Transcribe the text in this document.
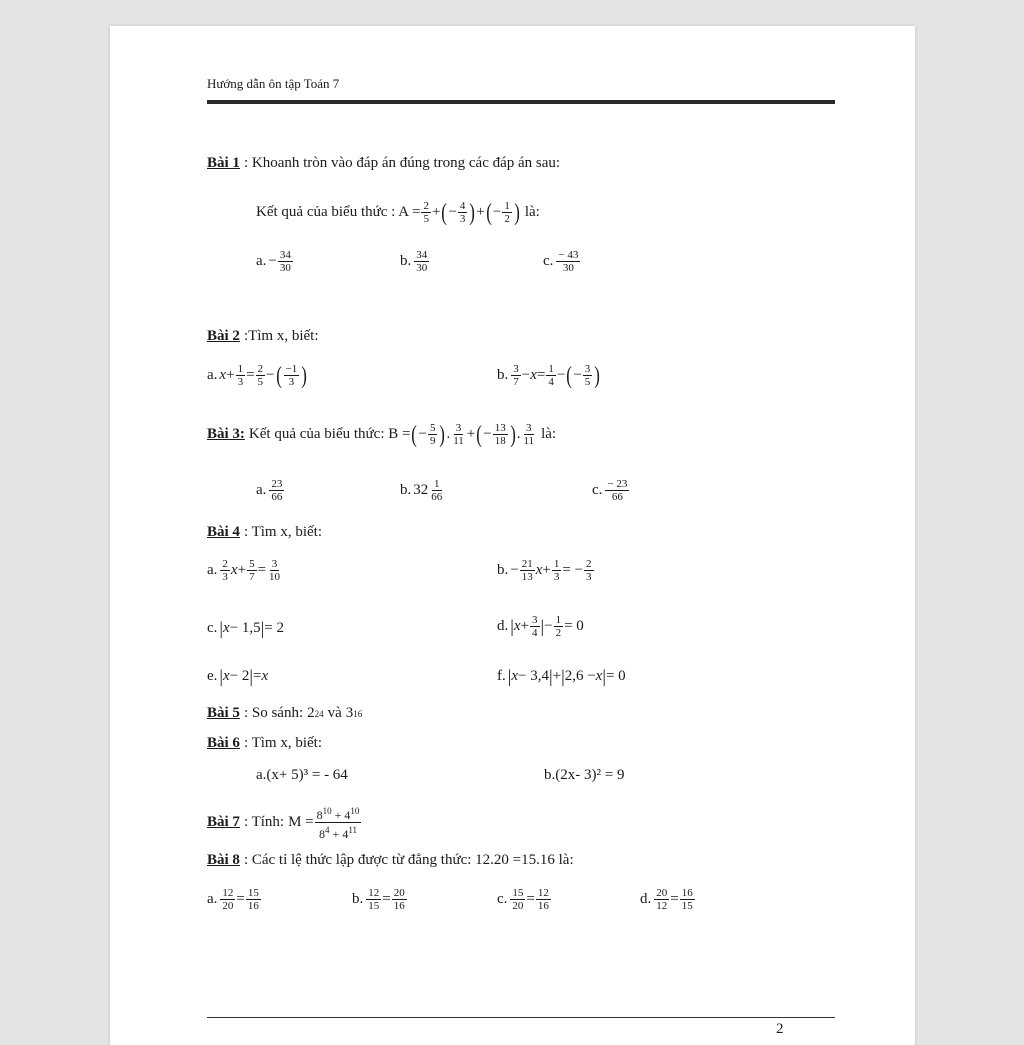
Hướng dẫn ôn tập Toán 7
Bài 1 : Khoanh tròn vào đáp án đúng trong các đáp án sau:
Kết quả của biểu thức : $A = \frac{2}{5}$ + ( − $\frac{4}{3}$ ) + ( − $\frac{1}{2}$ ) là:
a. − $\frac{34}{30}$	b. $\frac{34}{30}$	c. $\frac{- 43}{30}$
Bài 2 :Tìm x, biết:
a. $x + \frac{1}{3} = \frac{2}{5}$ − ( $\frac{-1}{3}$ )	b. $\frac{3}{7} - x = \frac{1}{4}$ − ( − $\frac{3}{5}$ )
Bài 3: Kết quả của biểu thức: B = ( − $\frac{5}{9}$ ) . $\frac{3}{11}$ + ( − $\frac{13}{18}$ ) . $\frac{3}{11}$ là:
a. $\frac{23}{66}$	b. $32 \frac{1}{66}$	c. $\frac{- 23}{66}$
Bài 4 : Tìm x, biết:
a. $\frac{2}{3}$ $x + \frac{5}{7} = \frac{3}{10}$	b. − $\frac{21}{13}$ $x + \frac{1}{3}$ = − $\frac{2}{3}$
c. | x − 1,5 | = 2	d. | $x + \frac{3}{4}$ | − $\frac{1}{2} = 0$
e. | x − 2 | = x	f. | x − 3,4 | + | 2,6 − x | = 0
Bài 5 : So sánh: 2 24 và 3 16
Bài 6 : Tìm x, biết:
a.(x+ 5)³ = - 64	b.(2x- 3)² = 9
Bài 7 : Tính: $M = \frac{8^{10} + 4^{10}}{8^4 + 4^{11}}$
Bài 8 : Các tỉ lệ thức lập được từ đẳng thức: 12.20 =15.16 là:
a. $\frac{12}{20} = \frac{15}{16}$	b. $\frac{12}{15} = \frac{20}{16}$	c. $\frac{15}{20} = \frac{12}{16}$	d. $\frac{20}{12} = \frac{16}{15}$
2
